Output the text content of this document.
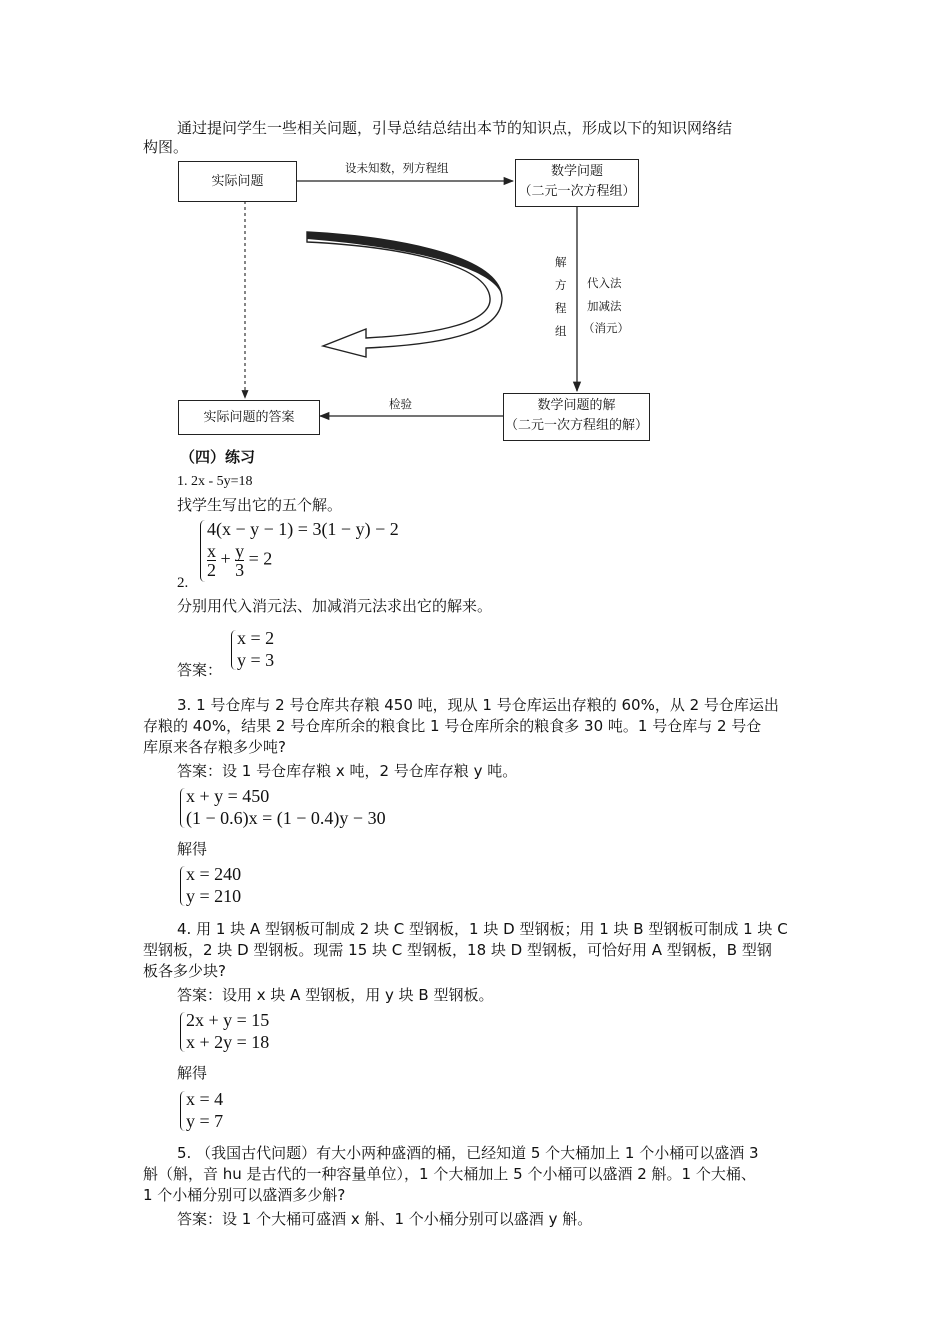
通过提问学生一些相关问题，引导总结总结出本节的知识点，形成以下的知识网络结
构图。
实际问题
数学问题
（二元一次方程组）
实际问题的答案
数学问题的解
（二元一次方程组的解）
设未知数，列方程组
解
方
程
组
代入法
加减法
（消元）
检验
（四）练习
1. 2x - 5y=18
找学生写出它的五个解。
4(x − y − 1) = 3(1 − y) − 2
$\frac{x}{2} + \frac{y}{3} = 2$
2.
分别用代入消元法、加减消元法求出它的解来。
x = 2
y = 3
答案：
3. 1 号仓库与 2 号仓库共存粮 450 吨，现从 1 号仓库运出存粮的 60%，从 2 号仓库运出
存粮的 40%，结果 2 号仓库所余的粮食比 1 号仓库所余的粮食多 30 吨。1 号仓库与 2 号仓
库原来各存粮多少吨?
答案：设 1 号仓库存粮 x 吨，2 号仓库存粮 y 吨。
x + y = 450
(1 − 0.6)x = (1 − 0.4)y − 30
解得
x = 240
y = 210
4. 用 1 块 A 型钢板可制成 2 块 C 型钢板，1 块 D 型钢板；用 1 块 B 型钢板可制成 1 块 C
型钢板，2 块 D 型钢板。现需 15 块 C 型钢板，18 块 D 型钢板，可恰好用 A 型钢板，B 型钢
板各多少块?
答案：设用 x 块 A 型钢板，用 y 块 B 型钢板。
2x + y = 15
x + 2y = 18
解得
x = 4
y = 7
5. （我国古代问题）有大小两种盛酒的桶，已经知道 5 个大桶加上 1 个小桶可以盛酒 3
斛（斛，音 hu 是古代的一种容量单位），1 个大桶加上 5 个小桶可以盛酒 2 斛。1 个大桶、
1 个小桶分别可以盛酒多少斛?
答案：设 1 个大桶可盛酒 x 斛、1 个小桶分别可以盛酒 y 斛。
